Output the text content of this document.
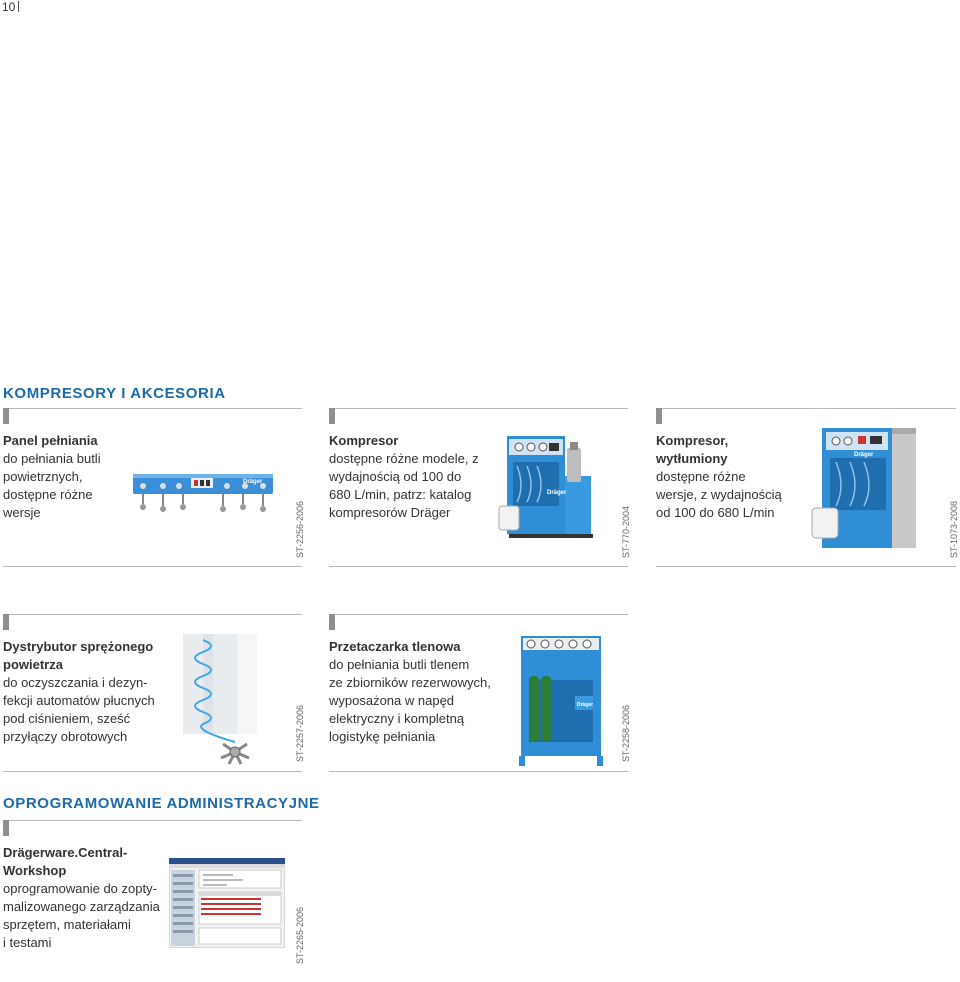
10
KOMPRESORY I AKCESORIA
Panel pełniania
do pełniania butli
powietrznych,
dostępne różne
wersje
Dräger
ST-2256-2006
Kompresor
dostępne różne modele, z
wydajnością od 100 do
680 L/min, patrz: katalog
kompresorów Dräger
Dräger
ST-770-2004
Kompresor,
wytłumiony
dostępne różne
wersje, z wydajnością
od 100 do 680 L/min
Dräger
ST-1073-2008
Dystrybutor sprężonego
powietrza
do oczyszczania i dezyn-
fekcji automatów płucnych
pod ciśnieniem, sześć
przyłączy obrotowych	ST-2257-2006
Przetaczarka tlenowa
do pełniania butli tlenem
ze zbiorników rezerwowych,
wyposażona w napęd
elektryczny i kompletną
logistykę pełniania
Dräger	ST-2258-2006
OPROGRAMOWANIE ADMINISTRACYJNE
Drägerware.Central-
Workshop
oprogramowanie do zopty-
malizowanego zarządzania
sprzętem, materiałami
i testami	ST-2265-2006
